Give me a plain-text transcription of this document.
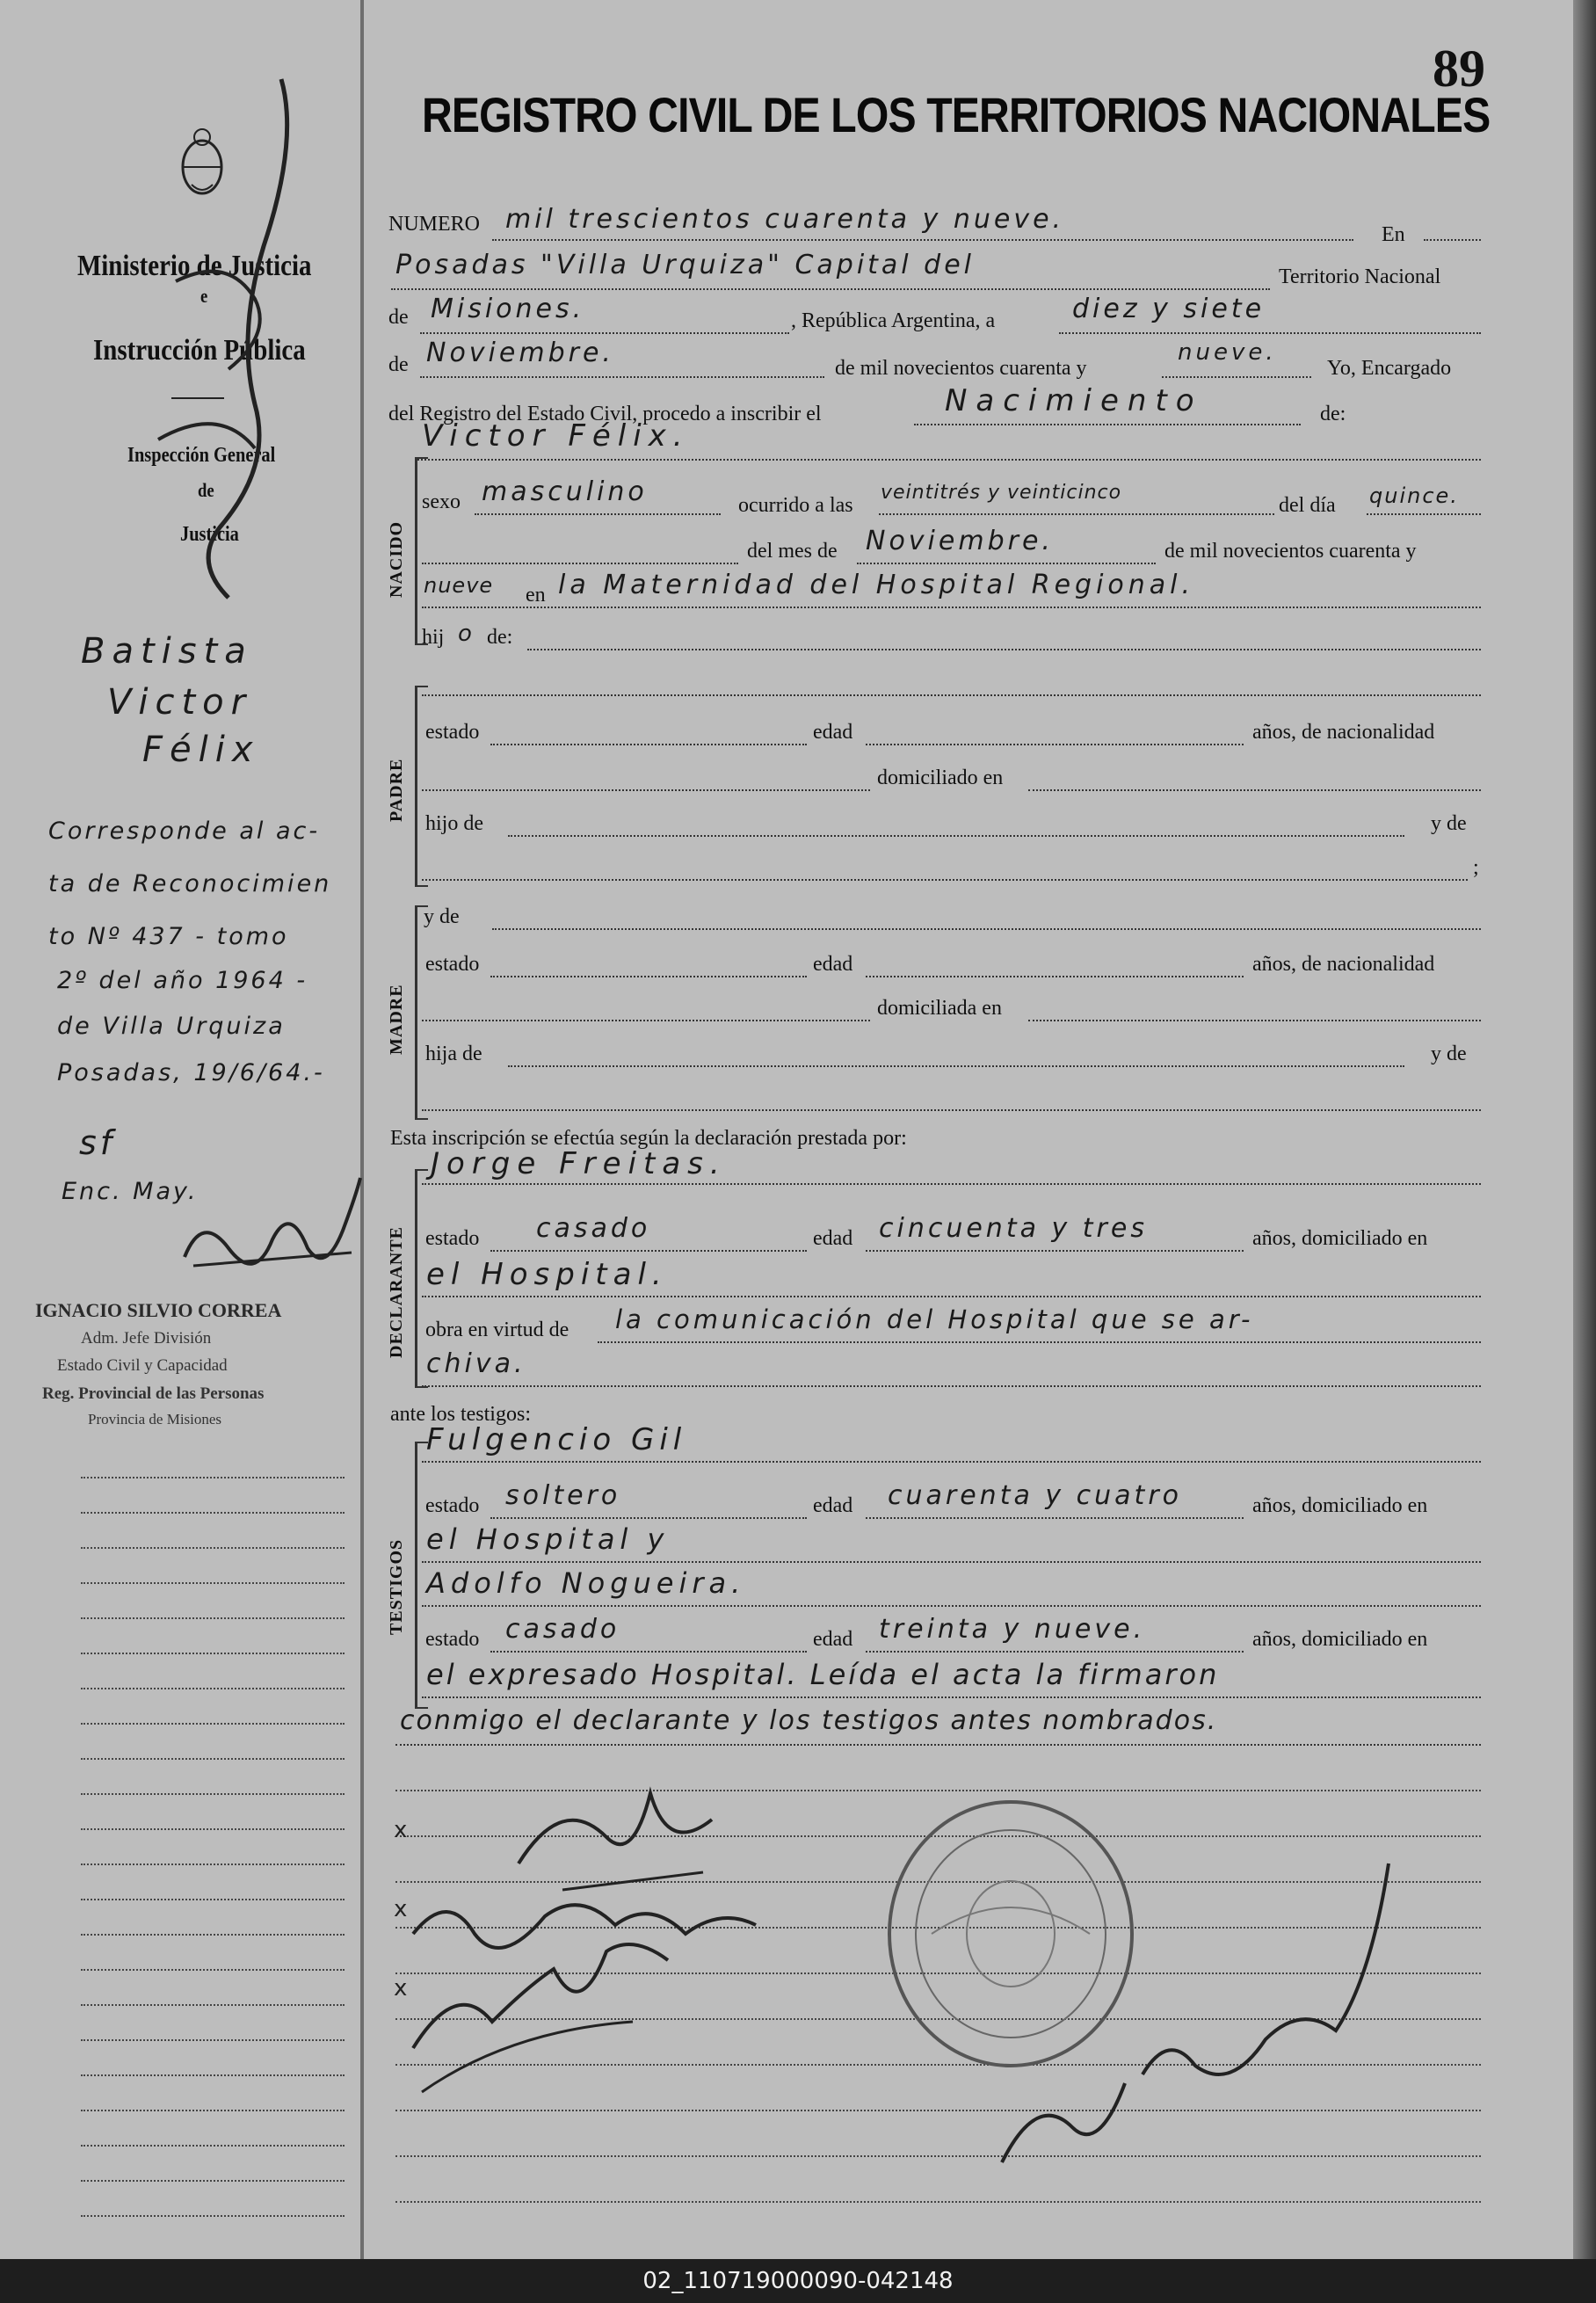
89
REGISTRO CIVIL DE LOS TERRITORIOS NACIONALES
Ministerio de Justicia
e
Instrucción Pública
Inspección General
de
Justicia
Batista
Victor
Félix
Corresponde al ac-
ta de Reconocimien
to Nº 437 - tomo
2º del año 1964 -
de Villa Urquiza
Posadas, 19/6/64.-
sf
Enc. May.
IGNACIO SILVIO CORREA
Adm. Jefe División
Estado Civil y Capacidad
Reg. Provincial de las Personas
Provincia de Misiones
NUMERO mil trescientos cuarenta y nueve.	En
Posadas "Villa Urquiza" Capital del	Territorio Nacional
de Misiones.	, República Argentina, a	diez y siete
de Noviembre.	de mil novecientos cuarenta y
nueve.
Yo, Encargado
del Registro del Estado Civil, procedo a inscribir el	Nacimiento	de:
NACIDO
Victor Félix.
sexo masculino	ocurrido a las
veintitrés y veinticinco
del día quince.
del mes de Noviembre.	de mil novecientos cuarenta y
nueve en la Maternidad del Hospital Regional.
hij o de:
PADRE
estado	edad	años, de nacionalidad
domiciliado en
hijo de	y de
;
MADRE
y de
estado	edad	años, de nacionalidad
domiciliada en
hija de	y de
Esta inscripción se efectúa según la declaración prestada por:
DECLARANTE
Jorge Freitas.
estado casado	edad cincuenta y tres	años, domiciliado en
el Hospital.
obra en virtud de la comunicación del Hospital que se ar-
chiva.
ante los testigos:
TESTIGOS
Fulgencio Gil
estado soltero	edad cuarenta y cuatro	años, domiciliado en
el Hospital y
Adolfo Nogueira.
estado casado	edad treinta y nueve.	años, domiciliado en
el expresado Hospital. Leída el acta la firmaron
conmigo el declarante y los testigos antes nombrados.
x
x
x
02_110719000090-042148
